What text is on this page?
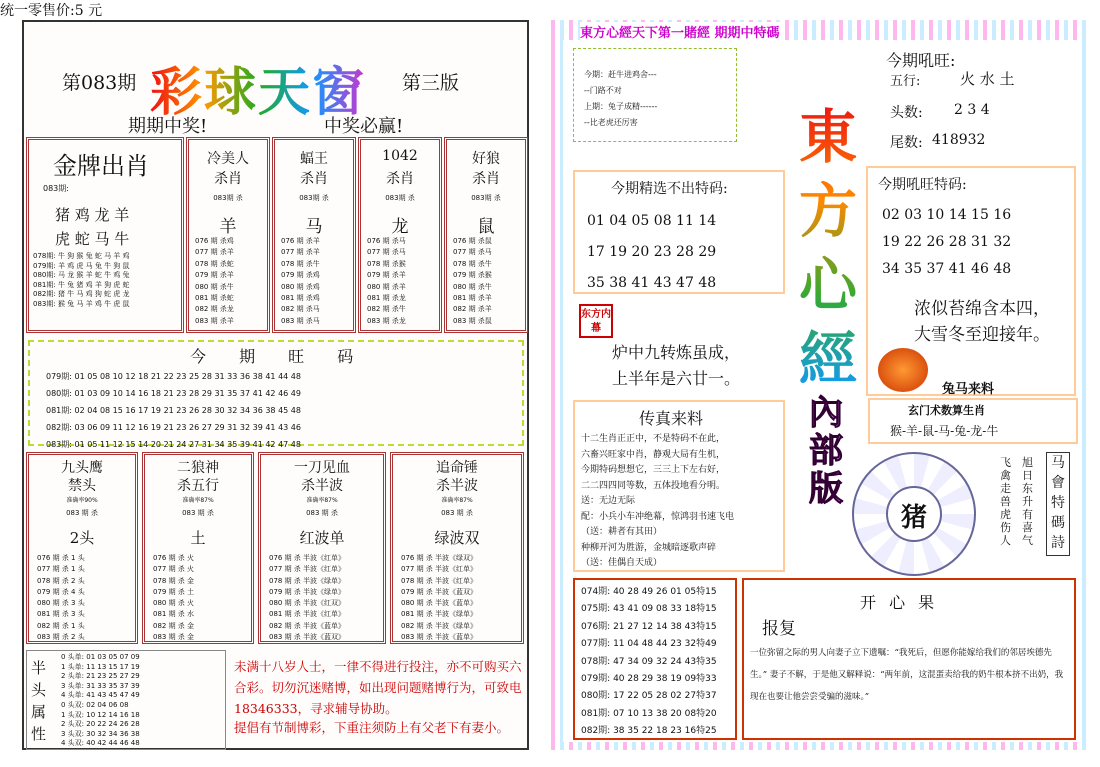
统一零售价:5 元
第083期 彩球天窗 第三版
期期中奖!	中奖必赢!
金牌出肖
083期:
猪 鸡 龙 羊
虎 蛇 马 牛
078期: 牛 狗 猴 兔 蛇 马 羊 鸡
079期: 羊 鸡 虎 马 兔 牛 狗 鼠
080期: 马 龙 猴 羊 蛇 牛 鸡 兔
081期: 牛 兔 猪 鸡 羊 狗 虎 蛇
082期: 猪 牛 马 鸡 狗 蛇 虎 龙
083期: 猴 兔 马 羊 鸡 牛 虎 鼠
冷美人
杀肖
083期 杀
羊
076 期 杀鸡
077 期 杀羊
078 期 杀蛇
079 期 杀羊
080 期 杀牛
081 期 杀蛇
082 期 杀龙
083 期 杀羊
蝠王
杀肖
083期 杀
马
076 期 杀羊
077 期 杀羊
078 期 杀牛
079 期 杀鸡
080 期 杀鸡
081 期 杀鸡
082 期 杀马
083 期 杀马
1042
杀肖
083期 杀
龙
076 期 杀马
077 期 杀马
078 期 杀猴
079 期 杀羊
080 期 杀羊
081 期 杀龙
082 期 杀牛
083 期 杀龙
好狼
杀肖
083期 杀
鼠
076 期 杀鼠
077 期 杀马
078 期 杀牛
079 期 杀猴
080 期 杀牛
081 期 杀羊
082 期 杀羊
083 期 杀鼠
今 期 旺 码
079期: 01 05 08 10 12 18 21 22 23 25 28 31 33 36 38 41 44 48
080期: 01 03 09 10 14 16 18 21 23 28 29 31 35 37 41 42 46 49
081期: 02 04 08 15 16 17 19 21 23 26 28 30 32 34 36 38 45 48
082期: 03 06 09 11 12 16 19 21 23 26 27 29 31 32 39 41 43 46
083期: 01 05 11 12 15 14 20 21 24 27 31 34 35 39 41 42 47 48
九头鹰
禁头
准确率90%
083 期 杀
2头
076 期 杀 1 头
077 期 杀 1 头
078 期 杀 2 头
079 期 杀 4 头
080 期 杀 3 头
081 期 杀 3 头
082 期 杀 1 头
083 期 杀 2 头
二狼神
杀五行
准确率87%
083 期 杀
土
076 期 杀 火
077 期 杀 火
078 期 杀 金
079 期 杀 土
080 期 杀 火
081 期 杀 水
082 期 杀 金
083 期 杀 金
一刀见血
杀半波
准确率87%
083 期 杀
红波单
076 期 杀 半波《红单》
077 期 杀 半波《红单》
078 期 杀 半波《绿单》
079 期 杀 半波《绿单》
080 期 杀 半波《红双》
081 期 杀 半波《红单》
082 期 杀 半波《蓝单》
083 期 杀 半波《蓝双》
追命锤
杀半波
准确率87%
083 期 杀
绿波双
076 期 杀 半波《绿双》
077 期 杀 半波《红单》
078 期 杀 半波《红单》
079 期 杀 半波《蓝双》
080 期 杀 半波《蓝单》
081 期 杀 半波《绿单》
082 期 杀 半波《绿单》
083 期 杀 半波《蓝单》
半头属性
0 头单: 01 03 05 07 09
1 头单: 11 13 15 17 19
2 头单: 21 23 25 27 29
3 头单: 31 33 35 37 39
4 头单: 41 43 45 47 49
0 头双: 02 04 06 08
1 头双: 10 12 14 16 18
2 头双: 20 22 24 26 28
3 头双: 30 32 34 36 38
4 头双: 40 42 44 46 48
未满十八岁人士，一律不得进行投注，亦不可购买六合彩。切勿沉迷赌博，如出现问题赌博行为，可致电18346333，寻求辅导协助。
提倡有节制博彩，下重注须防上有父老下有妻小。
東方心經天下第一賭經 期期中特碼
今期：赶牛进鸡舍---
--门路不对
上期：兔子成精------
--比老虎还厉害
今期吼旺:
五行:	火 水 土
头数: 2 3 4
尾数: 418932
東方心經
內部版
今期精选不出特码:
01 04 05 08 11 14
17 19 20 23 28 29
35 38 41 43 47 48
今期吼旺特码:
02 03 10 14 15 16
19 22 26 28 31 32
34 35 37 41 46 48
浓似苔绵含本四，
大雪冬至迎接年。
兔马来料
东方内幕
炉中九转炼虽成，
上半年是六廿一。
玄门术数算生肖
猴-羊-鼠-马-兔-龙-牛
传真来料
十二生肖正正中，不是特码不在此，
六畜兴旺家中肖，静观大局有生机，
今期特码想想它，三三上下左右好，
二二四四同等数，五体投地看分明。
送：无边无际
配：小兵小车冲绝幕，惊鸿羽书速飞电
（送：耕者有其田）
种柳开河为胜游，金城暗逐歌声碎
（送：佳偶自天成）
猪
飞禽走兽虎伤人
旭日东升有喜气
马會特碼詩
074期: 40 28 49 26 01 05特15
075期: 43 41 09 08 33 18特15
076期: 21 27 12 14 38 43特15
077期: 11 04 48 44 23 32特49
078期: 47 34 09 32 24 43特35
079期: 40 28 29 38 19 09特33
080期: 17 22 05 28 02 27特37
081期: 07 10 13 38 20 08特20
082期: 38 35 22 18 23 16特25
开 心 果
报复
一位弥留之际的男人向妻子立下遗嘱：“我死后，但愿你能嫁给我们的邻居埃德先生。” 妻子不解，于是他又解释说：“两年前，这混蛋卖给我的奶牛根本挤不出奶，我现在也要让他尝尝受骗的滋味。”
